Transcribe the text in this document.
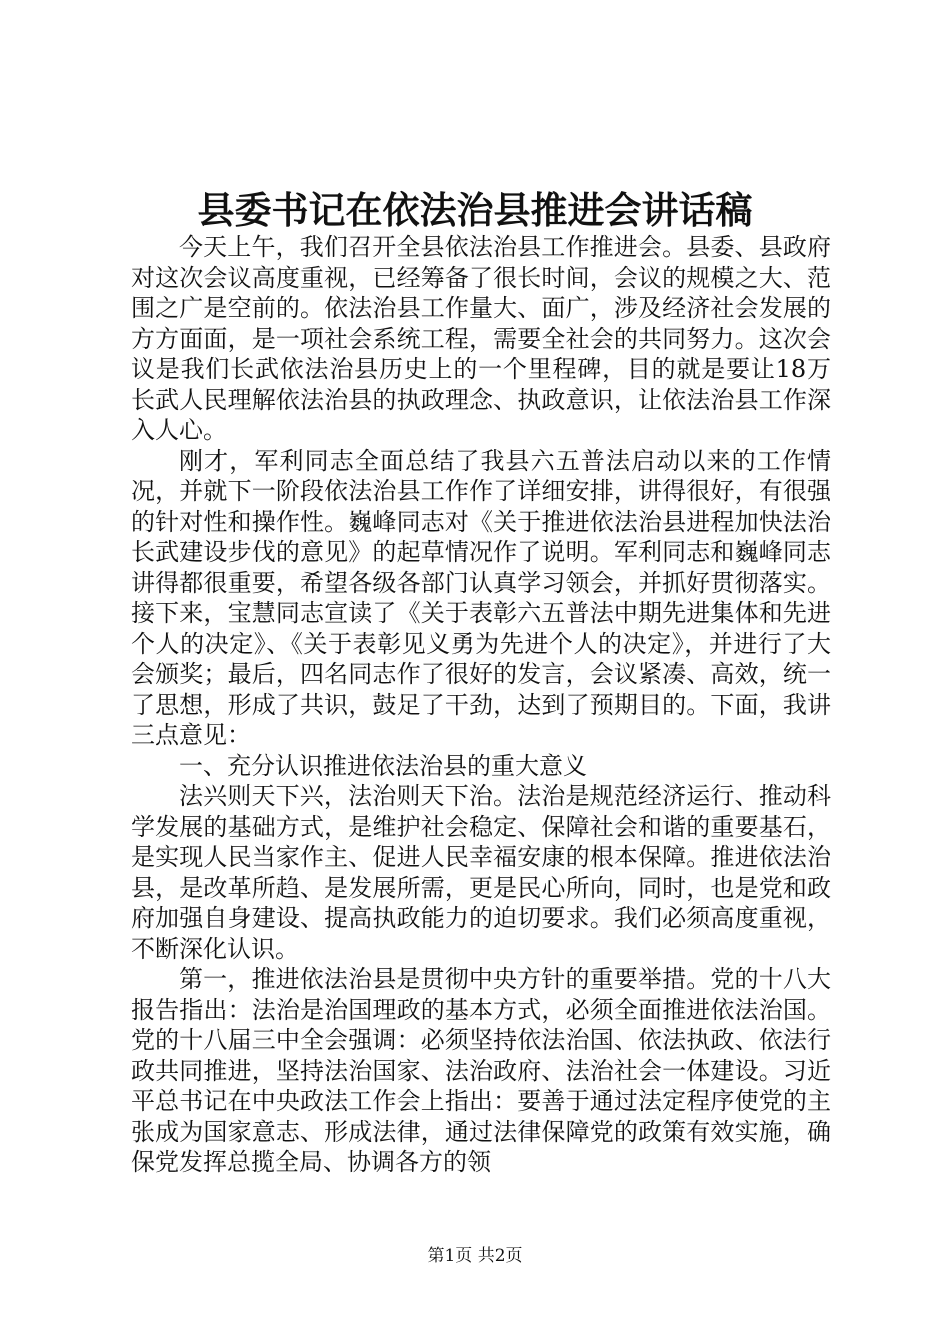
县委书记在依法治县推进会讲话稿

今天上午，我们召开全县依法治县工作推进会。县委、县政府对这次会议高度重视，已经筹备了很长时间，会议的规模之大、范围之广是空前的。依法治县工作量大、面广，涉及经济社会发展的方方面面，是一项社会系统工程，需要全社会的共同努力。这次会议是我们长武依法治县历史上的一个里程碑，目的就是要让18万长武人民理解依法治县的执政理念、执政意识，让依法治县工作深入人心。

刚才，军利同志全面总结了我县六五普法启动以来的工作情况，并就下一阶段依法治县工作作了详细安排，讲得很好，有很强的针对性和操作性。巍峰同志对《关于推进依法治县进程加快法治长武建设步伐的意见》的起草情况作了说明。军利同志和巍峰同志讲得都很重要，希望各级各部门认真学习领会，并抓好贯彻落实。接下来，宝慧同志宣读了《关于表彰六五普法中期先进集体和先进个人的决定》、《关于表彰见义勇为先进个人的决定》，并进行了大会颁奖；最后，四名同志作了很好的发言，会议紧凑、高效，统一了思想，形成了共识，鼓足了干劲，达到了预期目的。下面，我讲三点意见：

一、充分认识推进依法治县的重大意义

法兴则天下兴，法治则天下治。法治是规范经济运行、推动科学发展的基础方式，是维护社会稳定、保障社会和谐的重要基石，是实现人民当家作主、促进人民幸福安康的根本保障。推进依法治县，是改革所趋、是发展所需，更是民心所向，同时，也是党和政府加强自身建设、提高执政能力的迫切要求。我们必须高度重视，不断深化认识。

第一，推进依法治县是贯彻中央方针的重要举措。党的十八大报告指出：法治是治国理政的基本方式，必须全面推进依法治国。党的十八届三中全会强调：必须坚持依法治国、依法执政、依法行政共同推进，坚持法治国家、法治政府、法治社会一体建设。习近平总书记在中央政法工作会上指出：要善于通过法定程序使党的主张成为国家意志、形成法律，通过法律保障党的政策有效实施，确保党发挥总揽全局、协调各方的领

第1页 共2页
